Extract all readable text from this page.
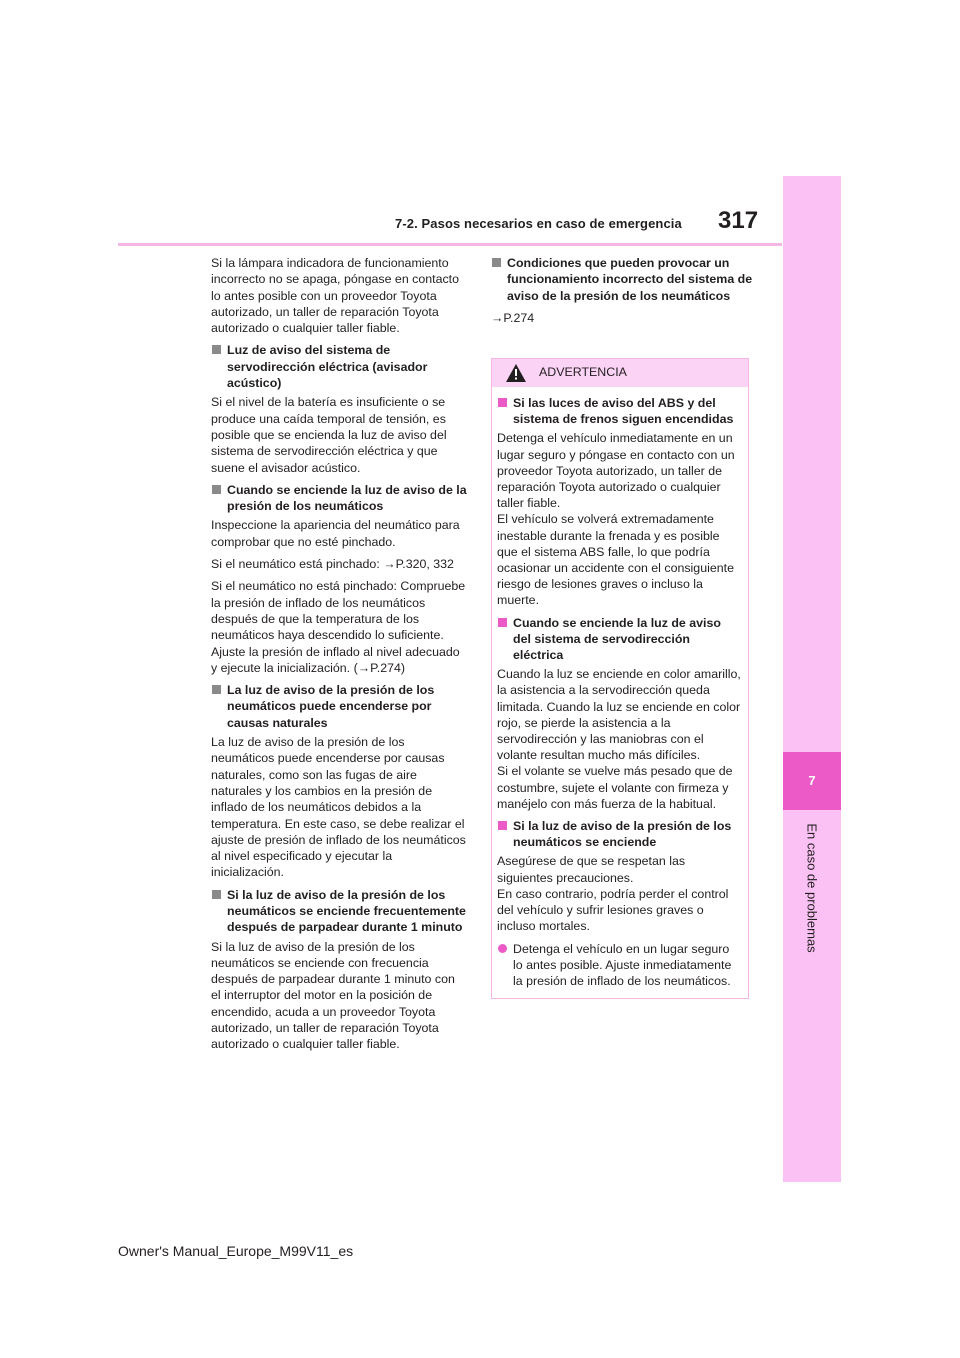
7-2. Pasos necesarios en caso de emergencia 317
7
En caso de problemas

Si la lámpara indicadora de funcionamiento incorrecto no se apaga, póngase en contacto lo antes posible con un proveedor Toyota autorizado, un taller de reparación Toyota autorizado o cualquier taller fiable.

Luz de aviso del sistema de servodirección eléctrica (avisador acústico)

Si el nivel de la batería es insuficiente o se produce una caída temporal de tensión, es posible que se encienda la luz de aviso del sistema de servodirección eléctrica y que suene el avisador acústico.

Cuando se enciende la luz de aviso de la presión de los neumáticos

Inspeccione la apariencia del neumático para comprobar que no esté pinchado.

Si el neumático está pinchado: →P.320, 332

Si el neumático no está pinchado: Compruebe la presión de inflado de los neumáticos después de que la temperatura de los neumáticos haya descendido lo suficiente. Ajuste la presión de inflado al nivel adecuado y ejecute la inicialización. (→P.274)

La luz de aviso de la presión de los neumáticos puede encenderse por causas naturales

La luz de aviso de la presión de los neumáticos puede encenderse por causas naturales, como son las fugas de aire naturales y los cambios en la presión de inflado de los neumáticos debidos a la temperatura. En este caso, se debe realizar el ajuste de presión de inflado de los neumáticos al nivel especificado y ejecutar la inicialización.

Si la luz de aviso de la presión de los neumáticos se enciende frecuentemente después de parpadear durante 1 minuto

Si la luz de aviso de la presión de los neumáticos se enciende con frecuencia después de parpadear durante 1 minuto con el interruptor del motor en la posición de encendido, acuda a un proveedor Toyota autorizado, un taller de reparación Toyota autorizado o cualquier taller fiable.

Condiciones que pueden provocar un funcionamiento incorrecto del sistema de aviso de la presión de los neumáticos

→P.274

ADVERTENCIA
Si las luces de aviso del ABS y del sistema de frenos siguen encendidas

Detenga el vehículo inmediatamente en un lugar seguro y póngase en contacto con un proveedor Toyota autorizado, un taller de reparación Toyota autorizado o cualquier taller fiable.

El vehículo se volverá extremadamente inestable durante la frenada y es posible que el sistema ABS falle, lo que podría ocasionar un accidente con el consiguiente riesgo de lesiones graves o incluso la muerte.

Cuando se enciende la luz de aviso del sistema de servodirección eléctrica

Cuando la luz se enciende en color amarillo, la asistencia a la servodirección queda limitada. Cuando la luz se enciende en color rojo, se pierde la asistencia a la servodirección y las maniobras con el volante resultan mucho más difíciles.

Si el volante se vuelve más pesado que de costumbre, sujete el volante con firmeza y manéjelo con más fuerza de la habitual.

Si la luz de aviso de la presión de los neumáticos se enciende

Asegúrese de que se respetan las siguientes precauciones.

En caso contrario, podría perder el control del vehículo y sufrir lesiones graves o incluso mortales.

Detenga el vehículo en un lugar seguro lo antes posible. Ajuste inmediatamente la presión de inflado de los neumáticos.
Owner's Manual_Europe_M99V11_es
